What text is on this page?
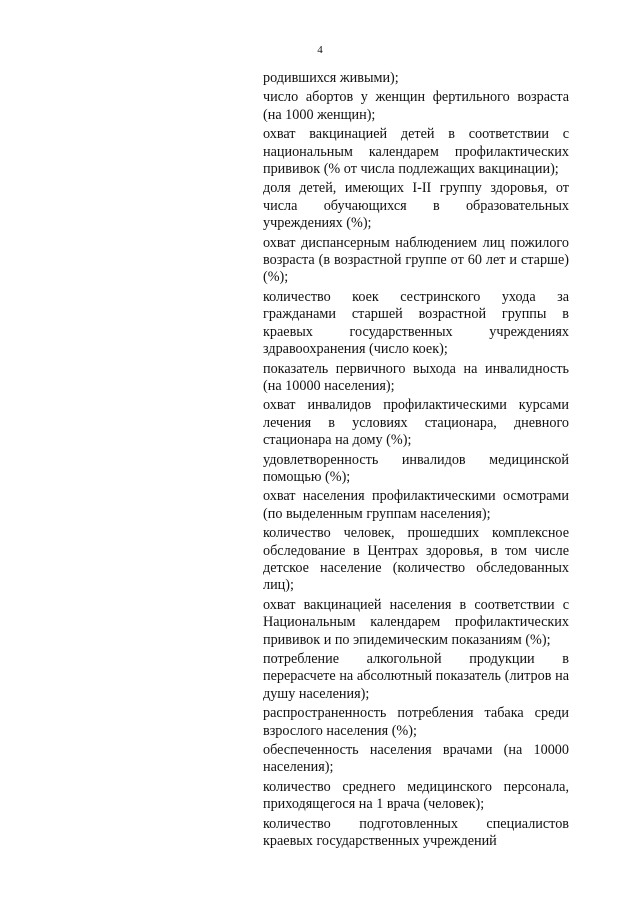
4

родившихся живыми);

число абортов у женщин фертильного возраста (на 1000 женщин);

охват вакцинацией детей в соответствии с национальным календарем профилактических прививок (% от числа подлежащих вакцинации);

доля детей, имеющих I-II группу здоровья, от числа обучающихся в образовательных учреждениях (%);

охват диспансерным наблюдением лиц пожилого возраста (в возрастной группе от 60 лет и старше) (%);

количество коек сестринского ухода за гражданами старшей возрастной группы в краевых государственных учреждениях здравоохранения (число коек);

показатель первичного выхода на инвалидность (на 10000 населения);

охват инвалидов профилактическими курсами лечения в условиях стационара, дневного стационара на дому (%);

удовлетворенность инвалидов медицинской помощью (%);

охват населения профилактическими осмотрами (по выделенным группам населения);

количество человек, прошедших комплексное обследование в Центрах здоровья, в том числе детское население (количество обследованных лиц);

охват вакцинацией населения в соответствии с Национальным календарем профилактических прививок и по эпидемическим показаниям (%);

потребление алкогольной продукции в перерасчете на абсолютный показатель (литров на душу населения);

распространенность потребления табака среди взрослого населения (%);

обеспеченность населения врачами (на 10000 населения);

количество среднего медицинского персонала, приходящегося на 1 врача (человек);

количество подготовленных специалистов краевых государственных учреждений
